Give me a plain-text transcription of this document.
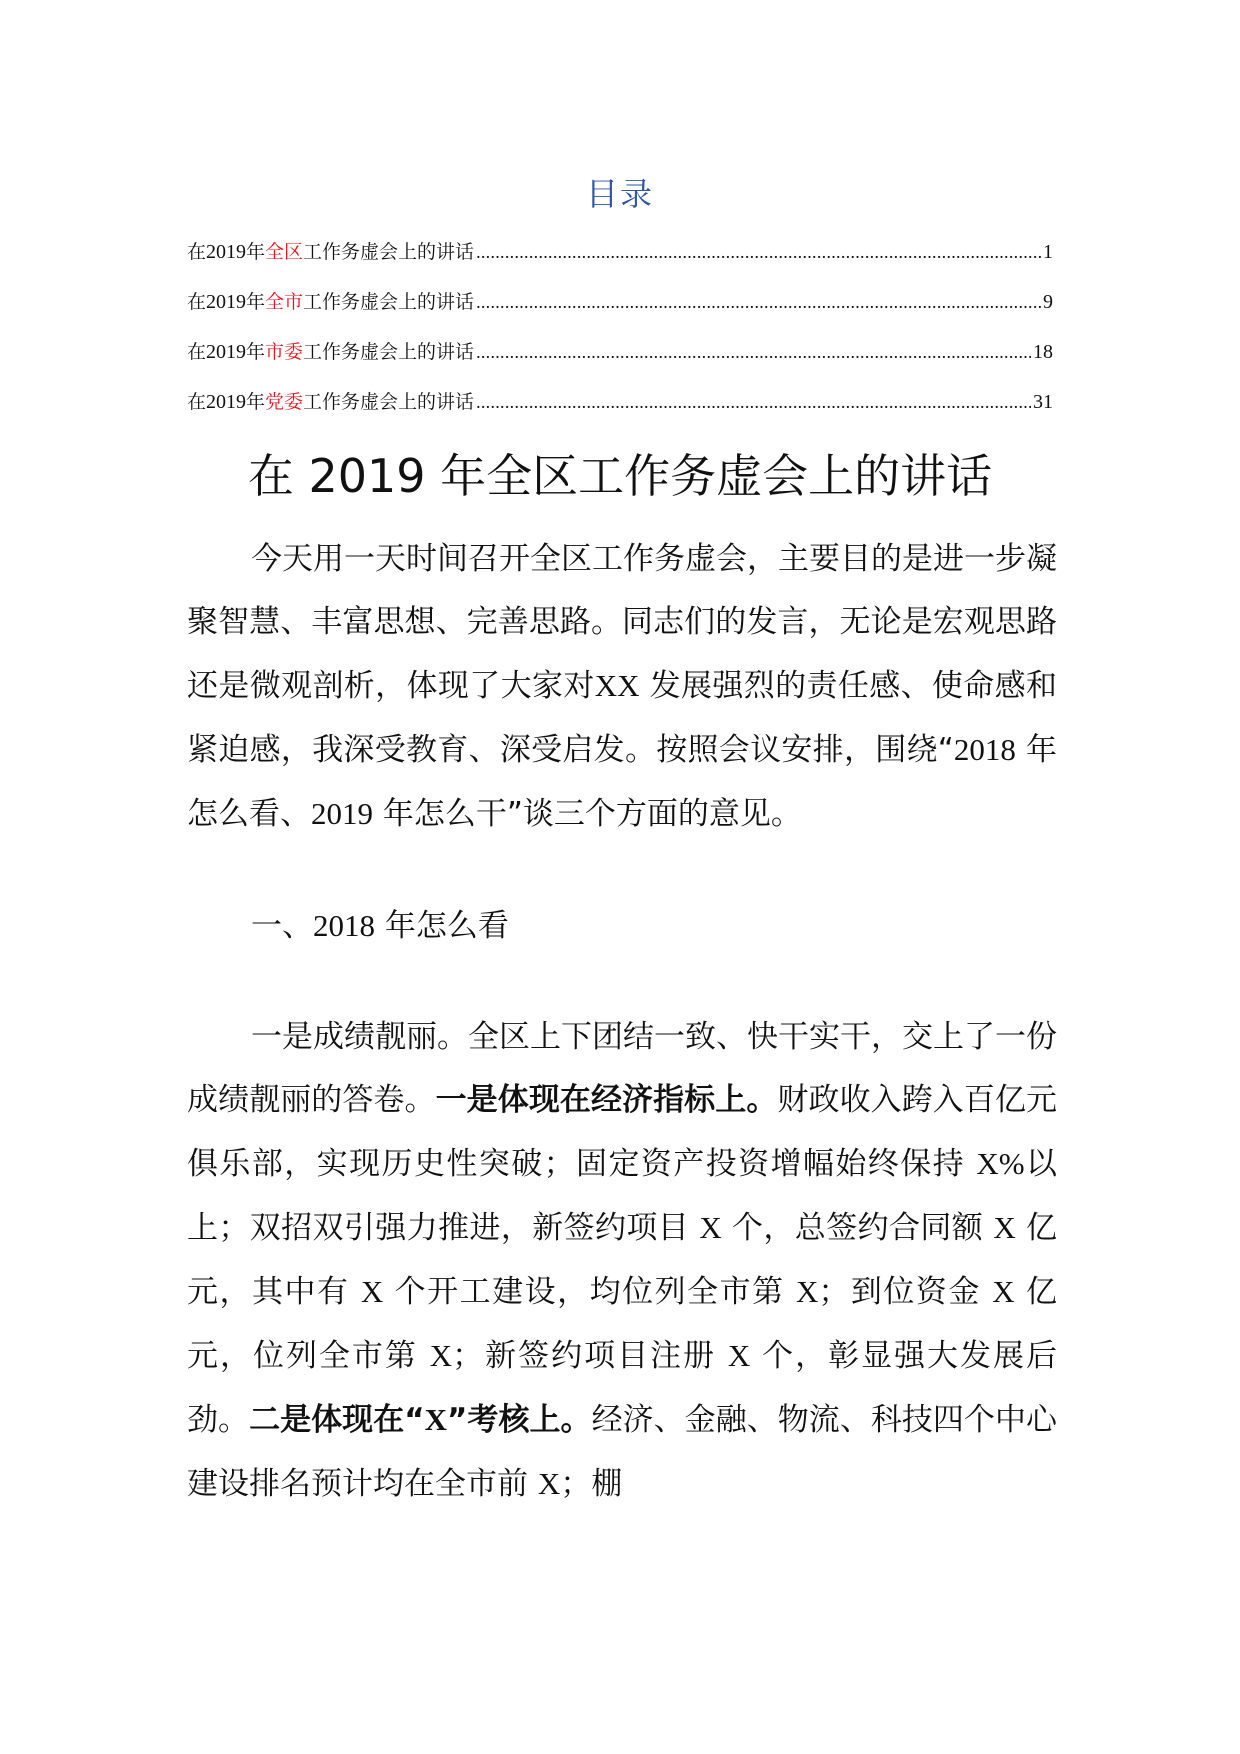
目录
在 2019 年 全区 工作务虚会上的讲话 .....	1
在 2019 年 全市 工作务虚会上的讲话 .....	9
在 2019 年 市委 工作务虚会上的讲话 .....	18
在 2019 年 党委 工作务虚会上的讲话 .....	31
在 2019 年全区工作务虚会上的讲话

今天用一天时间召开全区工作务虚会，主要目的是进一步凝聚智慧、丰富思想、完善思路。同志们的发言，无论是宏观思路还是微观剖析，体现了大家对XX 发展强烈的责任感、使命感和紧迫感，我深受教育、深受启发。按照会议安排，围绕“2018 年怎么看、2019 年怎么干”谈三个方面的意见。

一、2018 年怎么看

一是成绩靓丽。全区上下团结一致、快干实干，交上了一份成绩靓丽的答卷。一是体现在经济指标上。财政收入跨入百亿元俱乐部，实现历史性突破；固定资产投资增幅始终保持 X%以上；双招双引强力推进，新签约项目 X 个，总签约合同额 X 亿元，其中有 X 个开工建设，均位列全市第 X；到位资金 X 亿元，位列全市第 X；新签约项目注册 X 个，彰显强大发展后劲。二是体现在“X”考核上。经济、金融、物流、科技四个中心建设排名预计均在全市前 X；棚
